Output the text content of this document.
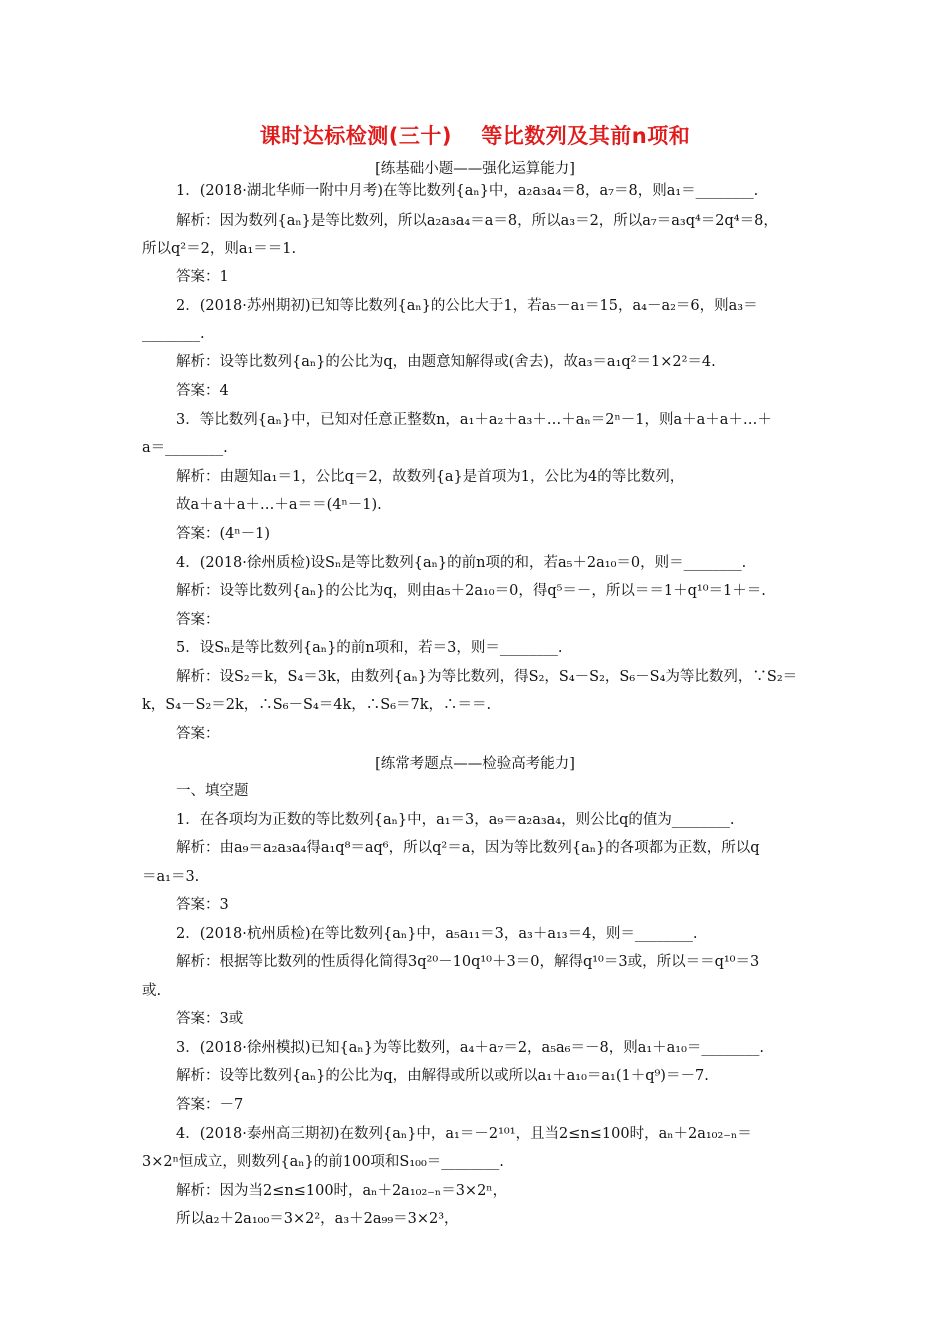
课时达标检测(三十)　 等比数列及其前n项和
[练基础小题——强化运算能力]
1．(2018·湖北华师一附中月考)在等比数列{aₙ}中，a₂a₃a₄＝8，a₇＝8，则a₁＝________.
解析：因为数列{aₙ}是等比数列，所以a₂a₃a₄＝a＝8，所以a₃＝2，所以a₇＝a₃q⁴＝2q⁴＝8，
所以q²＝2，则a₁＝＝1.
答案：1
2．(2018·苏州期初)已知等比数列{aₙ}的公比大于1，若a₅－a₁＝15，a₄－a₂＝6，则a₃＝
________.
解析：设等比数列{aₙ}的公比为q，由题意知解得或(舍去)，故a₃＝a₁q²＝1×2²＝4.
答案：4
3．等比数列{aₙ}中，已知对任意正整数n，a₁＋a₂＋a₃＋…＋aₙ＝2ⁿ－1，则a＋a＋a＋…＋
a＝________.
解析：由题知a₁＝1，公比q＝2，故数列{a}是首项为1，公比为4的等比数列，
故a＋a＋a＋…＋a＝＝(4ⁿ－1).
答案：(4ⁿ－1)
4．(2018·徐州质检)设Sₙ是等比数列{aₙ}的前n项的和，若a₅＋2a₁₀＝0，则＝________.
解析：设等比数列{aₙ}的公比为q，则由a₅＋2a₁₀＝0，得q⁵＝－，所以＝＝1＋q¹⁰＝1＋＝.
答案：
5．设Sₙ是等比数列{aₙ}的前n项和，若＝3，则＝________.
解析：设S₂＝k，S₄＝3k，由数列{aₙ}为等比数列，得S₂，S₄－S₂，S₆－S₄为等比数列，∵S₂＝
k，S₄－S₂＝2k，∴S₆－S₄＝4k，∴S₆＝7k，∴＝＝.
答案：
[练常考题点——检验高考能力]
一、填空题
1．在各项均为正数的等比数列{aₙ}中，a₁＝3，a₉＝a₂a₃a₄，则公比q的值为________.
解析：由a₉＝a₂a₃a₄得a₁q⁸＝aq⁶，所以q²＝a，因为等比数列{aₙ}的各项都为正数，所以q
＝a₁＝3.
答案：3
2．(2018·杭州质检)在等比数列{aₙ}中，a₅a₁₁＝3，a₃＋a₁₃＝4，则＝________.
解析：根据等比数列的性质得化简得3q²⁰－10q¹⁰＋3＝0，解得q¹⁰＝3或，所以＝＝q¹⁰＝3
或.
答案：3或
3．(2018·徐州模拟)已知{aₙ}为等比数列，a₄＋a₇＝2，a₅a₆＝－8，则a₁＋a₁₀＝________.
解析：设等比数列{aₙ}的公比为q，由解得或所以或所以a₁＋a₁₀＝a₁(1＋q⁹)＝－7.
答案：－7
4．(2018·泰州高三期初)在数列{aₙ}中，a₁＝－2¹⁰¹，且当2≤n≤100时，aₙ＋2a₁₀₂₋ₙ＝
3×2ⁿ恒成立，则数列{aₙ}的前100项和S₁₀₀＝________.
解析：因为当2≤n≤100时，aₙ＋2a₁₀₂₋ₙ＝3×2ⁿ，
所以a₂＋2a₁₀₀＝3×2²，a₃＋2a₉₉＝3×2³，
